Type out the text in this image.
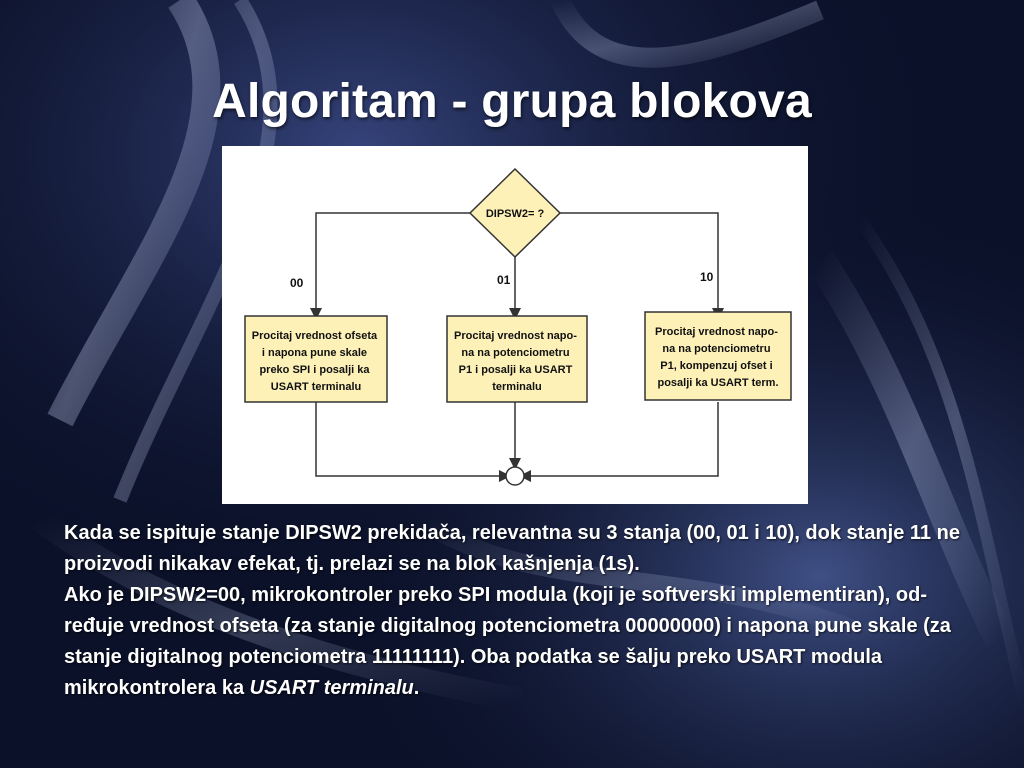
Algoritam - grupa blokova
DIPSW2= ?
00	01	10
Procitaj vrednost ofseta i napona pune skale preko SPI i posalji ka USART terminalu
Procitaj vrednost napo- na na potenciometru P1 i posalji ka USART terminalu
Procitaj vrednost napo- na na potenciometru P1, kompenzuj ofset i posalji ka USART term.

Kada se ispituje stanje DIPSW2 prekidača, relevantna su 3 stanja (00, 01 i 10), dok stanje 11 ne proizvodi nikakav efekat, tj. prelazi se na blok kašnjenja (1s).

Ako je DIPSW2=00, mikrokontroler preko SPI modula (koji je softverski implementiran), od-ređuje vrednost ofseta (za stanje digitalnog potenciometra 00000000) i napona pune skale (za stanje digitalnog potenciometra 11111111). Oba podatka se šalju preko USART modula mikrokontrolera ka USART terminalu.
